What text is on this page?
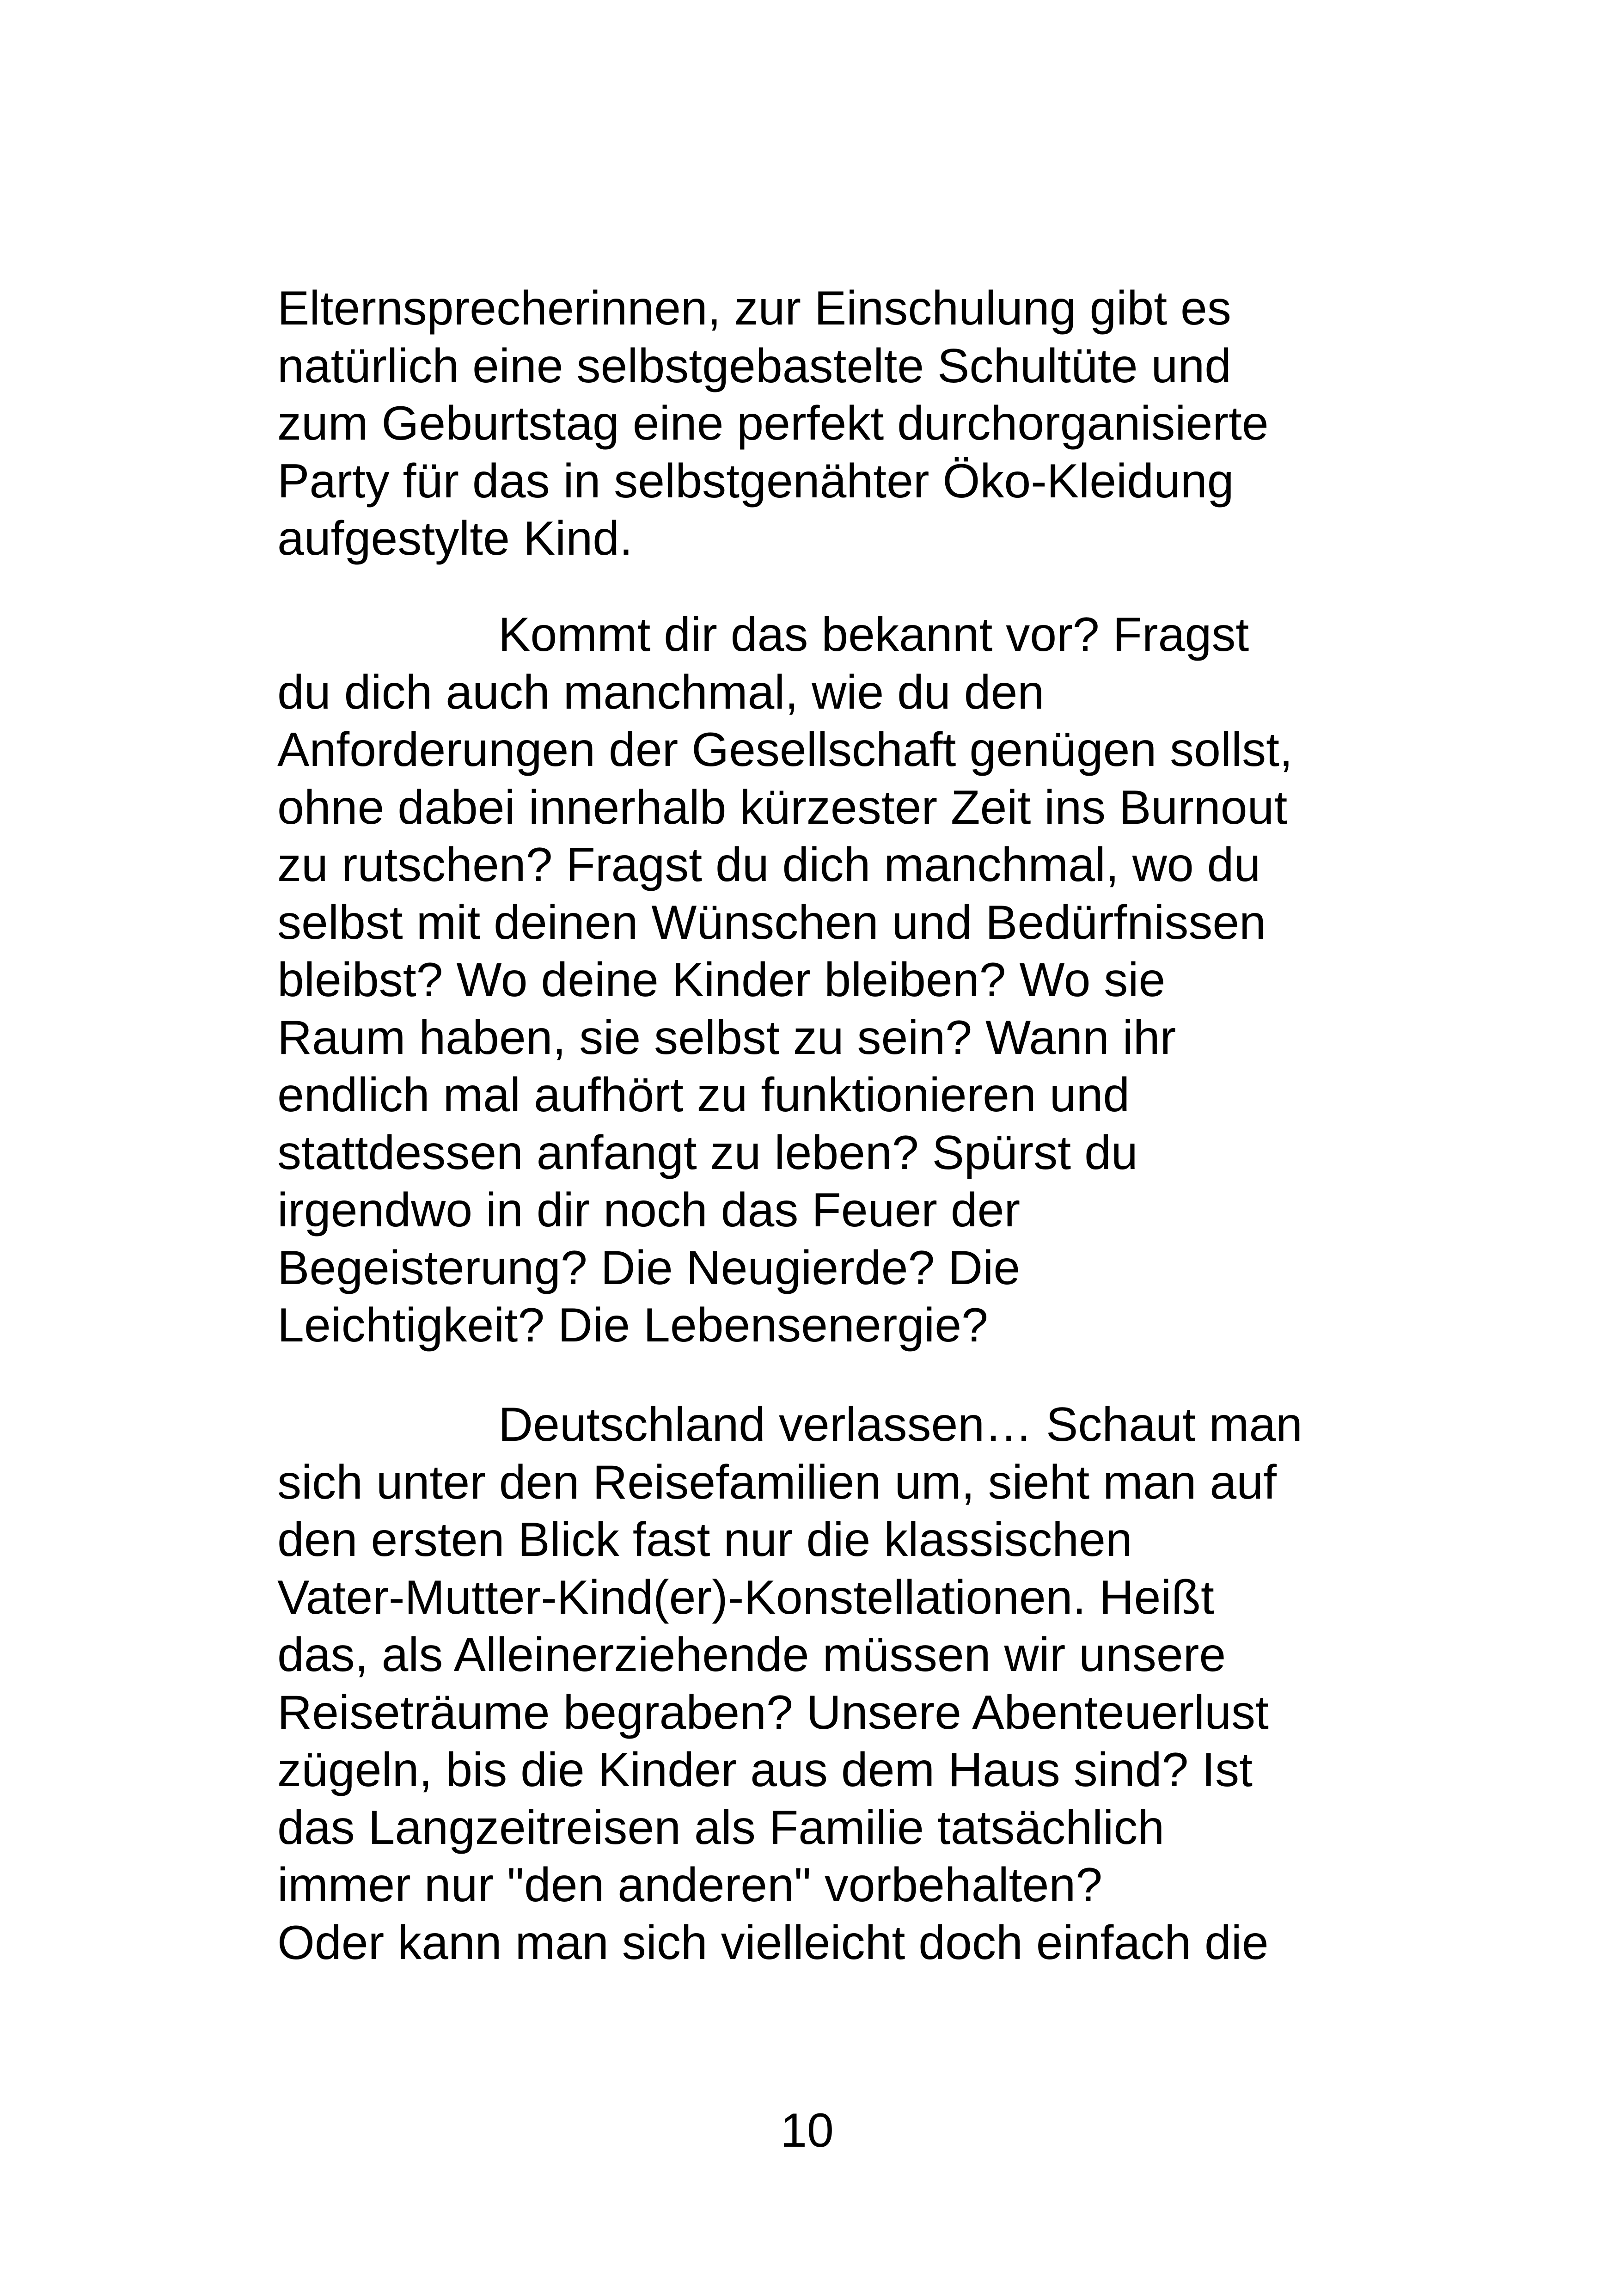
Elternsprecherinnen, zur Einschulung gibt es
natürlich eine selbstgebastelte Schultüte und
zum Geburtstag eine perfekt durchorganisierte
Party für das in selbstgenähter Öko-Kleidung
aufgestylte Kind.

Kommt dir das bekannt vor? Fragst
du dich auch manchmal, wie du den
Anforderungen der Gesellschaft genügen sollst,
ohne dabei innerhalb kürzester Zeit ins Burnout
zu rutschen? Fragst du dich manchmal, wo du
selbst mit deinen Wünschen und Bedürfnissen
bleibst? Wo deine Kinder bleiben? Wo sie
Raum haben, sie selbst zu sein? Wann ihr
endlich mal aufhört zu funktionieren und
stattdessen anfangt zu leben? Spürst du
irgendwo in dir noch das Feuer der
Begeisterung? Die Neugierde? Die
Leichtigkeit? Die Lebensenergie?

Deutschland verlassen… Schaut man
sich unter den Reisefamilien um, sieht man auf
den ersten Blick fast nur die klassischen
Vater-Mutter-Kind(er)-Konstellationen. Heißt
das, als Alleinerziehende müssen wir unsere
Reiseträume begraben? Unsere Abenteuerlust
zügeln, bis die Kinder aus dem Haus sind? Ist
das Langzeitreisen als Familie tatsächlich
immer nur "den anderen" vorbehalten?
Oder kann man sich vielleicht doch einfach die

10
